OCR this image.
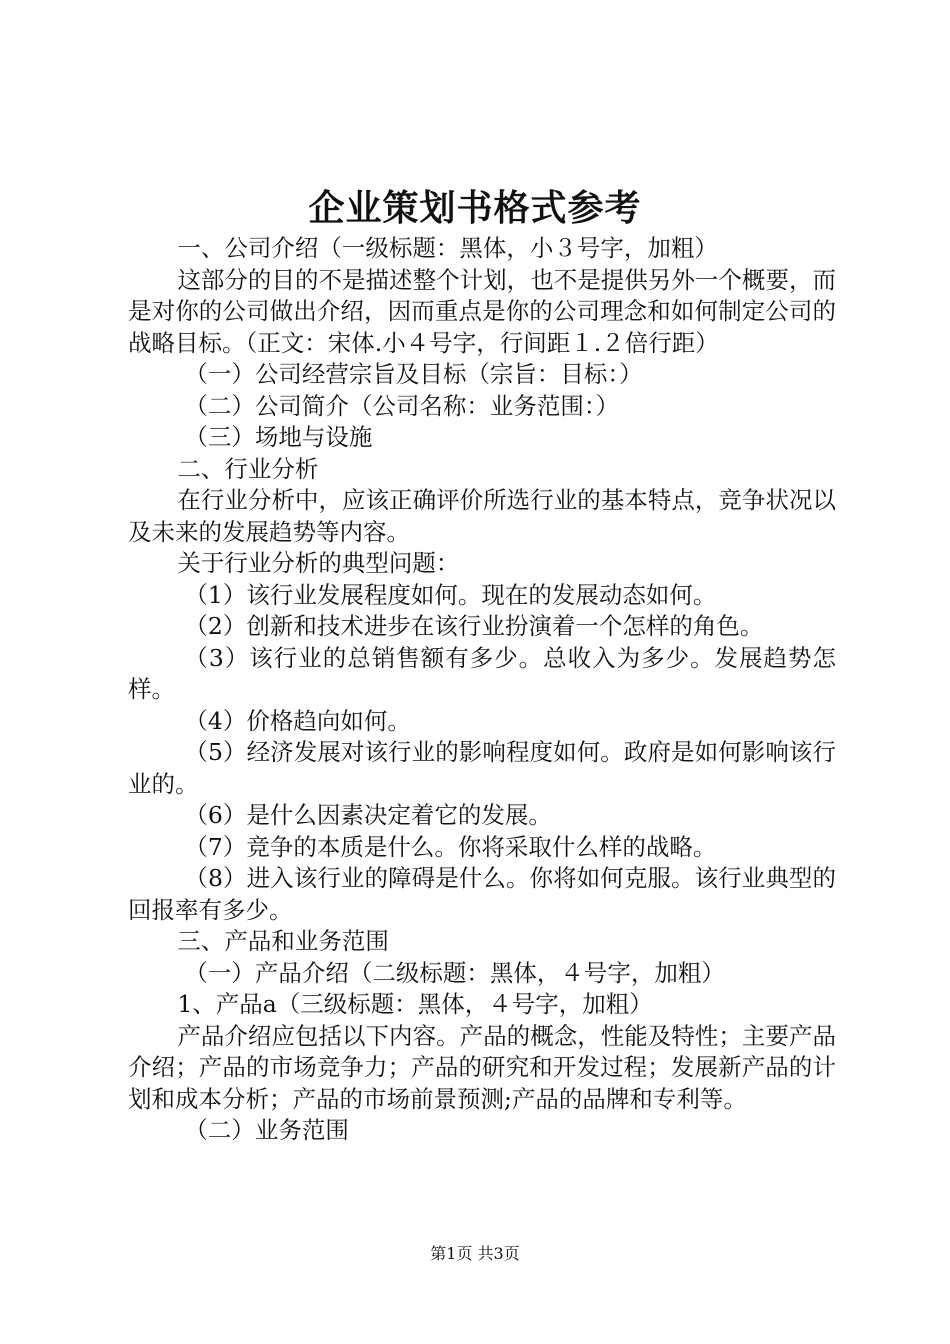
企业策划书格式参考

一、公司介绍（一级标题：黑体，小３号字，加粗）

这部分的目的不是描述整个计划，也不是提供另外一个概要，而是对你的公司做出介绍，因而重点是你的公司理念和如何制定公司的战略目标。（正文：宋体.小４号字，行间距１.２倍行距）

（一）公司经营宗旨及目标（宗旨：目标：）

（二）公司简介（公司名称：业务范围：）

（三）场地与设施

二、行业分析

在行业分析中，应该正确评价所选行业的基本特点，竞争状况以及未来的发展趋势等内容。

关于行业分析的典型问题：

（1）该行业发展程度如何。现在的发展动态如何。

（2）创新和技术进步在该行业扮演着一个怎样的角色。

（3）该行业的总销售额有多少。总收入为多少。发展趋势怎样。

（4）价格趋向如何。

（5）经济发展对该行业的影响程度如何。政府是如何影响该行业的。

（6）是什么因素决定着它的发展。

（7）竞争的本质是什么。你将采取什么样的战略。

（8）进入该行业的障碍是什么。你将如何克服。该行业典型的回报率有多少。

三、产品和业务范围

（一）产品介绍（二级标题：黑体，４号字，加粗）

1、产品a（三级标题：黑体，４号字，加粗）

产品介绍应包括以下内容。产品的概念，性能及特性；主要产品介绍；产品的市场竞争力；产品的研究和开发过程；发展新产品的计划和成本分析；产品的市场前景预测;产品的品牌和专利等。

（二）业务范围

第1页 共3页
